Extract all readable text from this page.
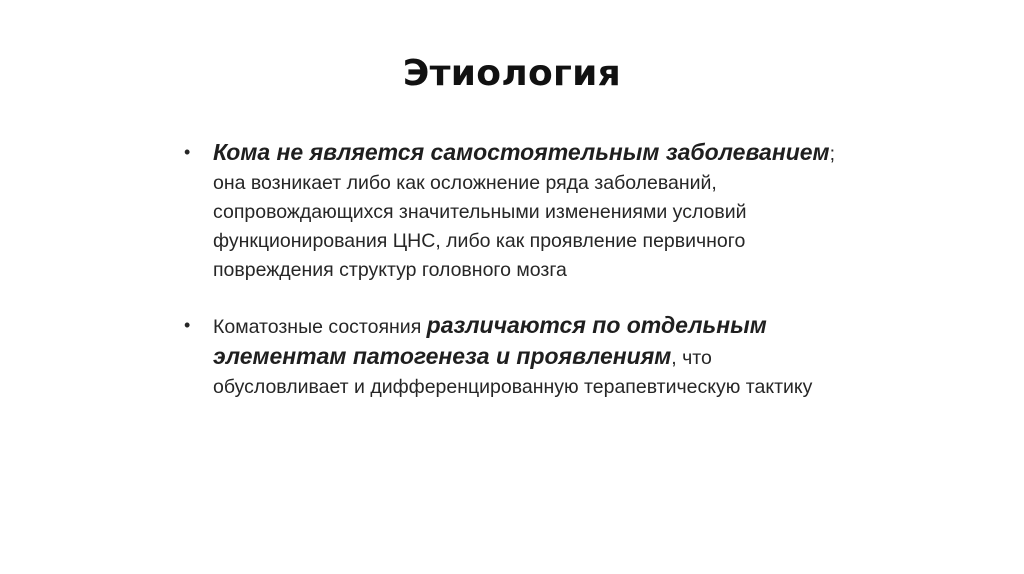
Этиология
• Кома не является самостоятельным заболеванием; она возникает либо как осложнение ряда заболеваний, сопровождающихся значительными изменениями условий функционирования ЦНС, либо как проявление первичного повреждения структур головного мозга
• Коматозные состояния различаются по отдельным элементам патогенеза и проявлениям, что обусловливает и дифференцированную терапевтическую тактику
